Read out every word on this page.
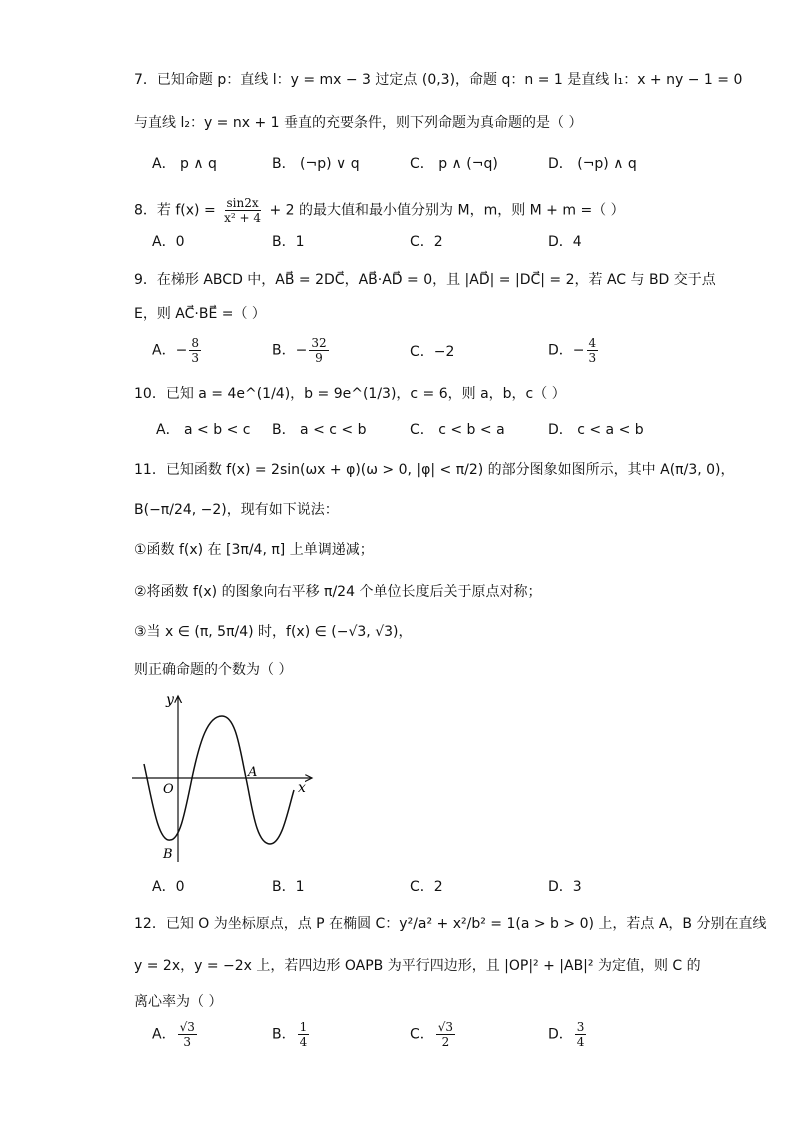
7．已知命题 p：直线 l：y = mx − 3 过定点 (0,3)，命题 q：n = 1 是直线 l₁：x + ny − 1 = 0
与直线 l₂：y = nx + 1 垂直的充要条件，则下列命题为真命题的是（ ）
A． p ∧ q	B． (¬p) ∨ q	C． p ∧ (¬q)	D． (¬p) ∧ q
8．若 $f(x) = \frac{\sin 2x}{\text{x² + 4}} + 2$ 的最大值和最小值分别为 M，m，则 M + m =（ ）
A．0	B．1	C．2	D．4
9．在梯形 ABCD 中，AB⃗ = 2DC⃗，AB⃗·AD⃗ = 0，且 |AD⃗| = |DC⃗| = 2，若 AC 与 BD 交于点
E，则 AC⃗·BE⃗ =（ ）
A．− $\frac{8}{3}$	B．− $\frac{32}{9}$	C．−2	D．− $\frac{4}{3}$
10．已知 a = 4e^(1/4)，b = 9e^(1/3)，c = 6，则 a，b，c（ ）
A． a < b < c B． a < c < b	C． c < b < a	D． c < a < b
11．已知函数 f(x) = 2sin(ωx + φ)(ω > 0, |φ| < π/2) 的部分图象如图所示，其中 A(π/3, 0)，
B(−π/24, −2)，现有如下说法：
①函数 f(x) 在 [3π/4, π] 上单调递减；
②将函数 f(x) 的图象向右平移 π/24 个单位长度后关于原点对称；
③当 x ∈ (π, 5π/4) 时，f(x) ∈ (−√3, √3)，
则正确命题的个数为（ ）
y
x
O
A
B
A．0	B．1	C．2	D．3
12．已知 O 为坐标原点，点 P 在椭圆 C：y²/a² + x²/b² = 1(a > b > 0) 上，若点 A，B 分别在直线
y = 2x，y = −2x 上，若四边形 OAPB 为平行四边形，且 |OP|² + |AB|² 为定值，则 C 的
离心率为（ ）
A． $\frac{√3}{3}$	B． $\frac{1}{4}$	C． $\frac{√3}{2}$	D． $\frac{3}{4}$
